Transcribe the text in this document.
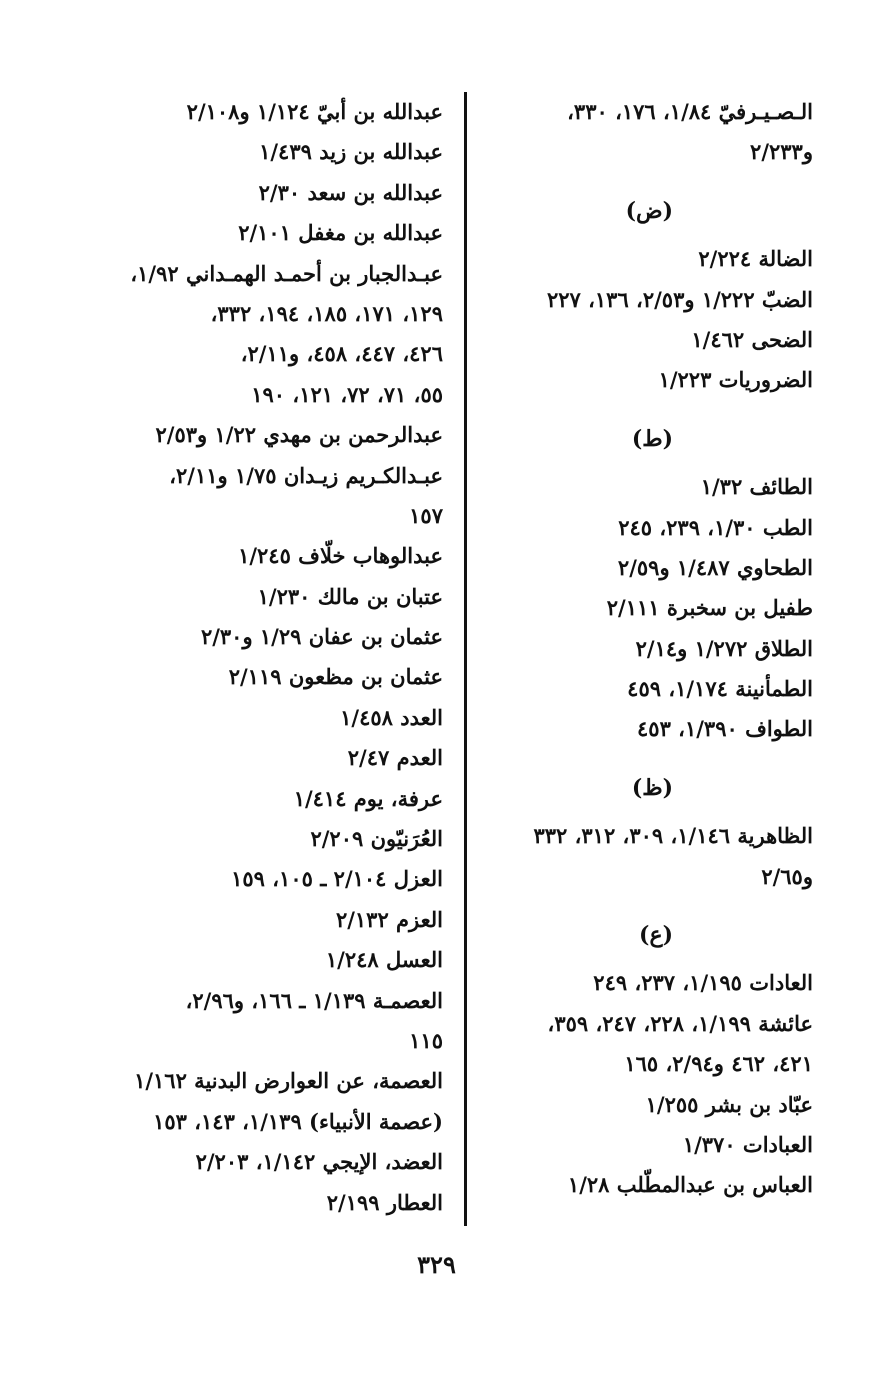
الـصـيـرفيّ ١/٨٤، ١٧٦، ٣٣٠،
و٢/٢٣٣
(ض)
الضالة ٢/٢٢٤
الضبّ ١/٢٢٢ و٢/٥٣، ١٣٦، ٢٢٧
الضحى ١/٤٦٢
الضروريات ١/٢٢٣
(ط)
الطائف ١/٣٢
الطب ١/٣٠، ٢٣٩، ٢٤٥
الطحاوي ١/٤٨٧ و٢/٥٩
طفيل بن سخبرة ٢/١١١
الطلاق ١/٢٧٢ و٢/١٤
الطمأنينة ١/١٧٤، ٤٥٩
الطواف ١/٣٩٠، ٤٥٣
(ظ)
الظاهرية ١/١٤٦، ٣٠٩، ٣١٢، ٣٣٢
و٢/٦٥
(ع)
العادات ١/١٩٥، ٢٣٧، ٢٤٩
عائشة ١/١٩٩، ٢٢٨، ٢٤٧، ٣٥٩،
٤٢١، ٤٦٢ و٢/٩٤، ١٦٥
عبّاد بن بشر ١/٢٥٥
العبادات ١/٣٧٠
العباس بن عبدالمطّلب ١/٢٨
عبدالله بن أبيّ ١/١٢٤ و٢/١٠٨
عبدالله بن زيد ١/٤٣٩
عبدالله بن سعد ٢/٣٠
عبدالله بن مغفل ٢/١٠١
عبـدالجبار بن أحمـد الهمـداني ١/٩٢،
١٢٩، ١٧١، ١٨٥، ١٩٤، ٣٣٢،
٤٢٦، ٤٤٧، ٤٥٨، و٢/١١،
٥٥، ٧١، ٧٢، ١٢١، ١٩٠
عبدالرحمن بن مهدي ١/٢٢ و٢/٥٣
عبـدالكـريم زيـدان ١/٧٥ و٢/١١،
١٥٧
عبدالوهاب خلّاف ١/٢٤٥
عتبان بن مالك ١/٢٣٠
عثمان بن عفان ١/٢٩ و٢/٣٠
عثمان بن مظعون ٢/١١٩
العدد ١/٤٥٨
العدم ٢/٤٧
عرفة، يوم ١/٤١٤
العُرَنيّون ٢/٢٠٩
العزل ٢/١٠٤ ـ ١٠٥، ١٥٩
العزم ٢/١٣٢
العسل ١/٢٤٨
العصمـة ١/١٣٩ ـ ١٦٦، و٢/٩٦،
١١٥
العصمة، عن العوارض البدنية ١/١٦٢
(عصمة الأنبياء) ١/١٣٩، ١٤٣، ١٥٣
العضد، الإيجي ١/١٤٢، ٢/٢٠٣
العطار ٢/١٩٩
٣٢٩
